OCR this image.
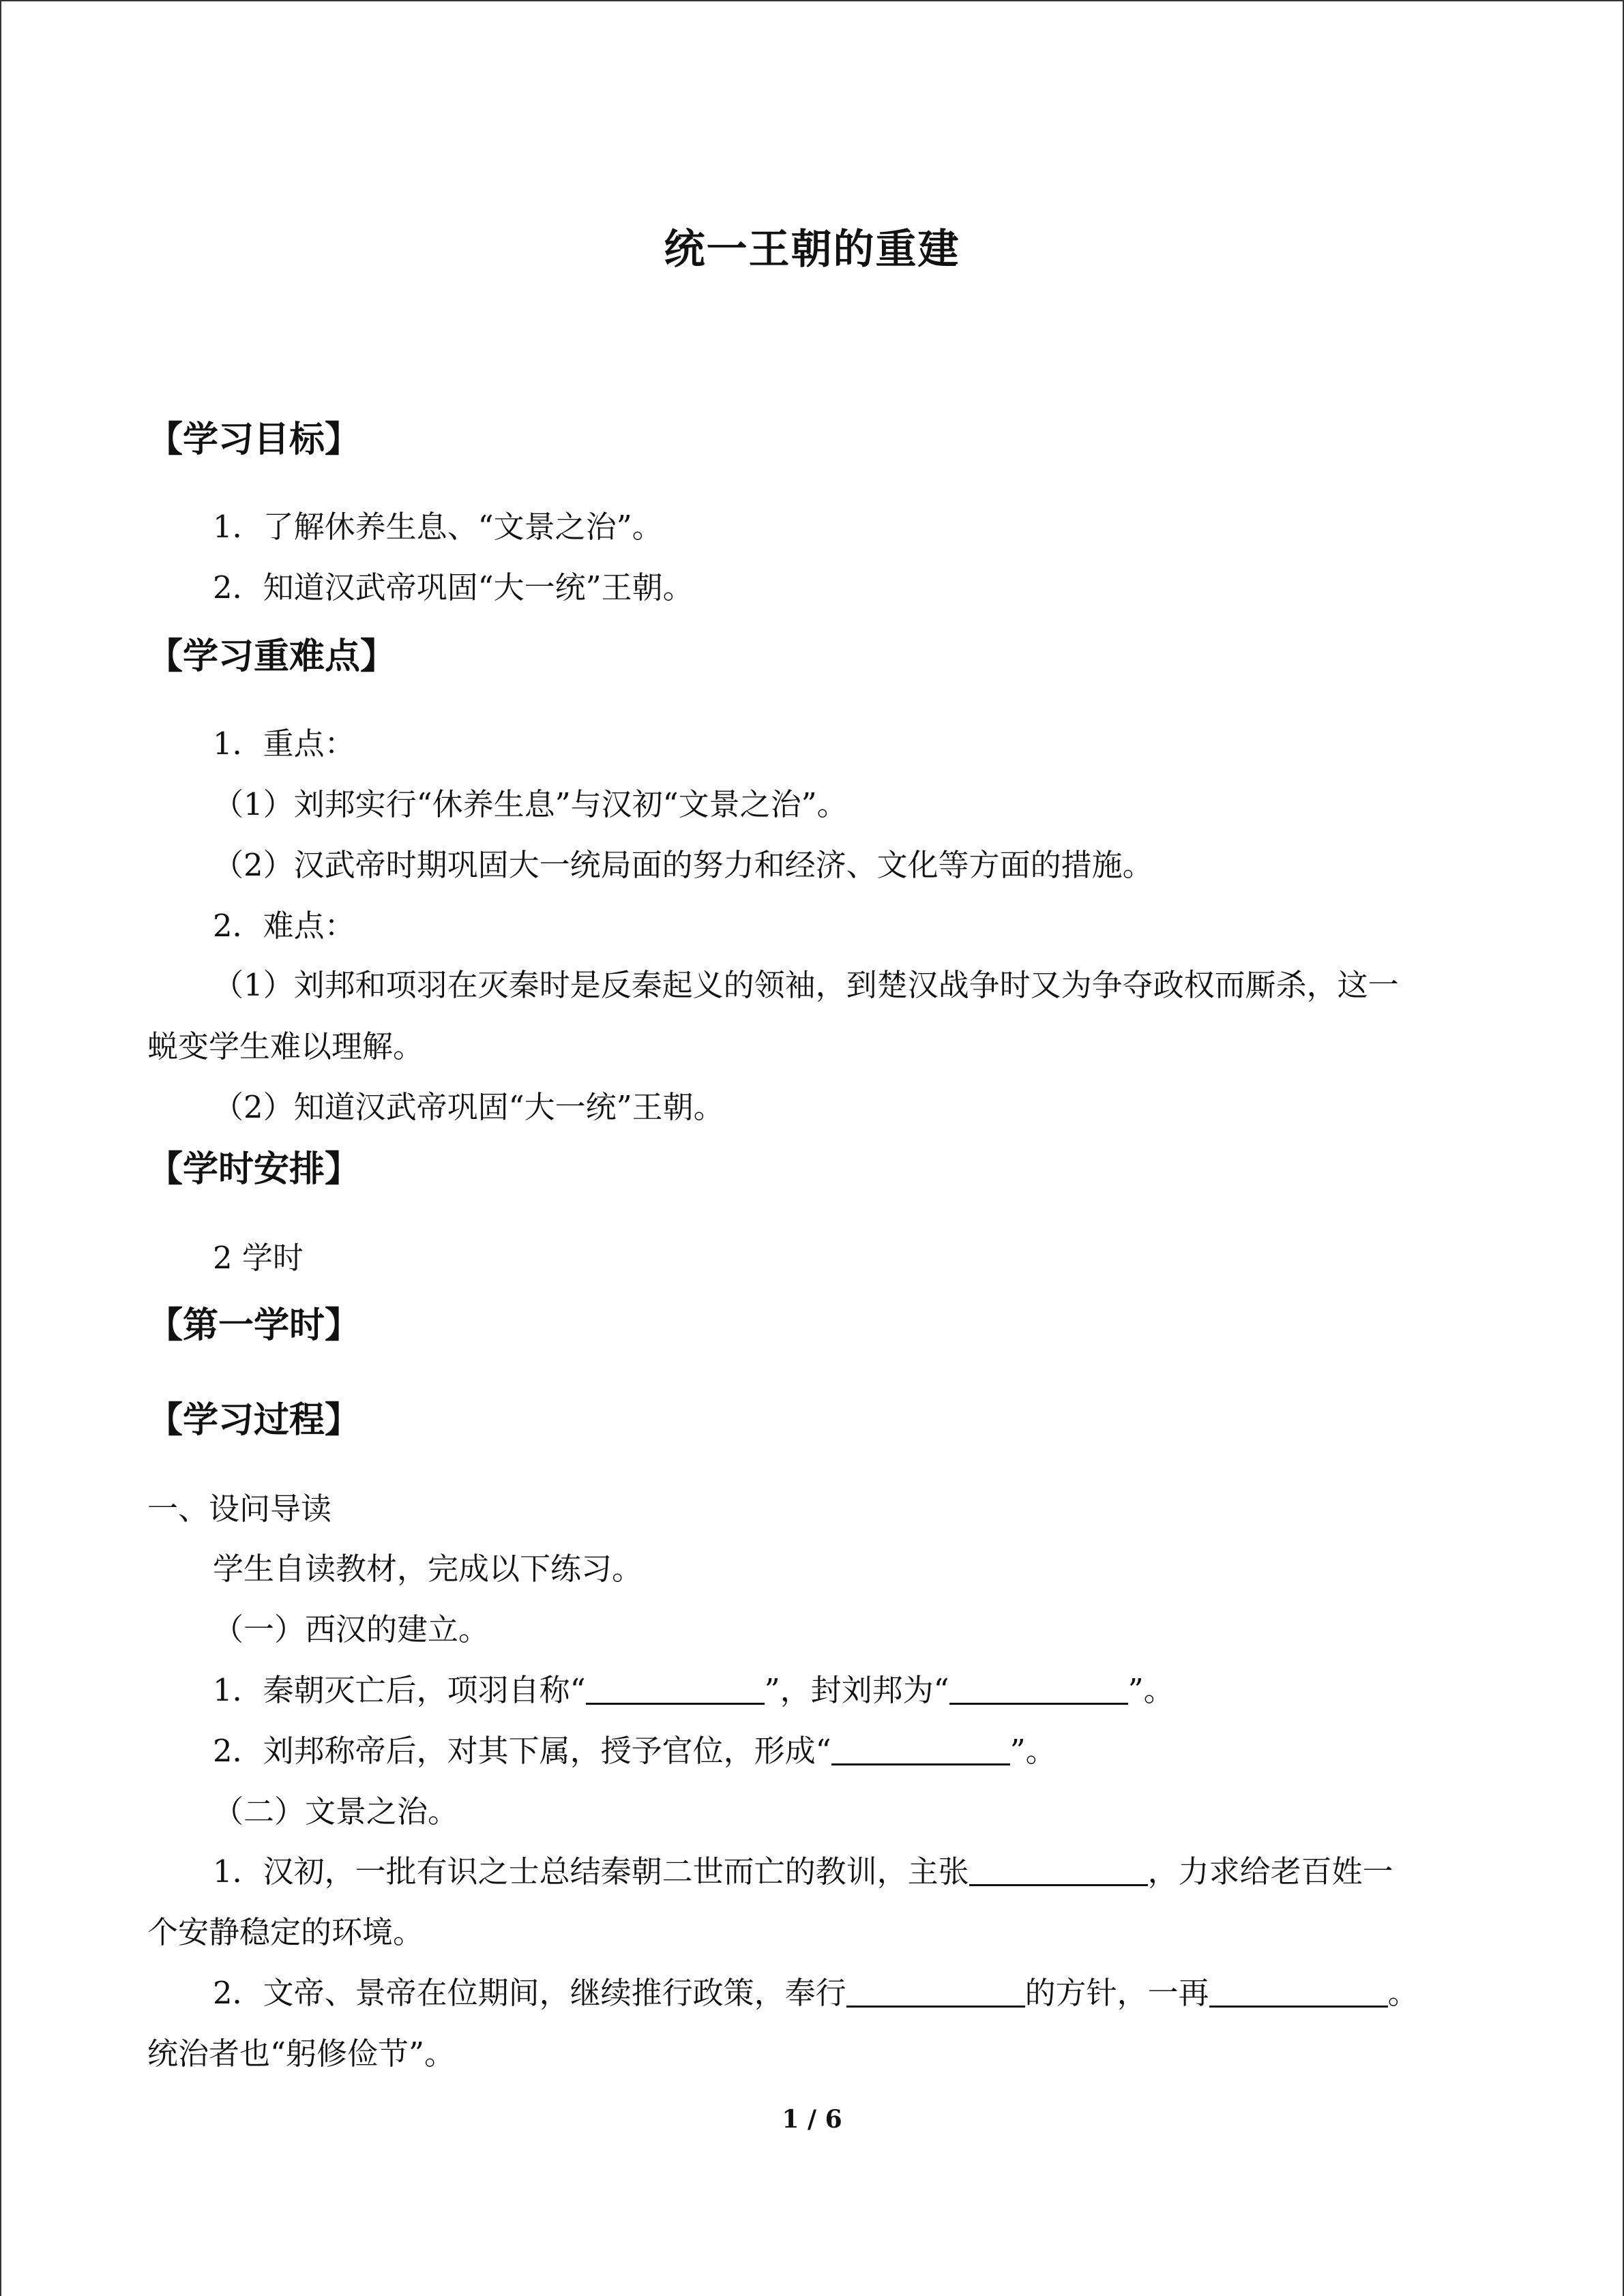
统一王朝的重建
【学习目标】
1．了解休养生息、“文景之治”。
2．知道汉武帝巩固“大一统”王朝。
【学习重难点】
1．重点：
（1）刘邦实行“休养生息”与汉初“文景之治”。
（2）汉武帝时期巩固大一统局面的努力和经济、文化等方面的措施。
2．难点：
（1）刘邦和项羽在灭秦时是反秦起义的领袖，到楚汉战争时又为争夺政权而厮杀，这一
蜕变学生难以理解。
（2）知道汉武帝巩固“大一统”王朝。
【学时安排】
2 学时
【第一学时】
【学习过程】
一、设问导读
学生自读教材，完成以下练习。
（一）西汉的建立。
1．秦朝灭亡后，项羽自称“	”，封刘邦为“	”。
2．刘邦称帝后，对其下属，授予官位，形成“	”。
（二）文景之治。
1．汉初，一批有识之士总结秦朝二世而亡的教训，主张	，力求给老百姓一
个安静稳定的环境。
2．文帝、景帝在位期间，继续推行政策，奉行	的方针，一再	。
统治者也“躬修俭节”。
1 / 6
